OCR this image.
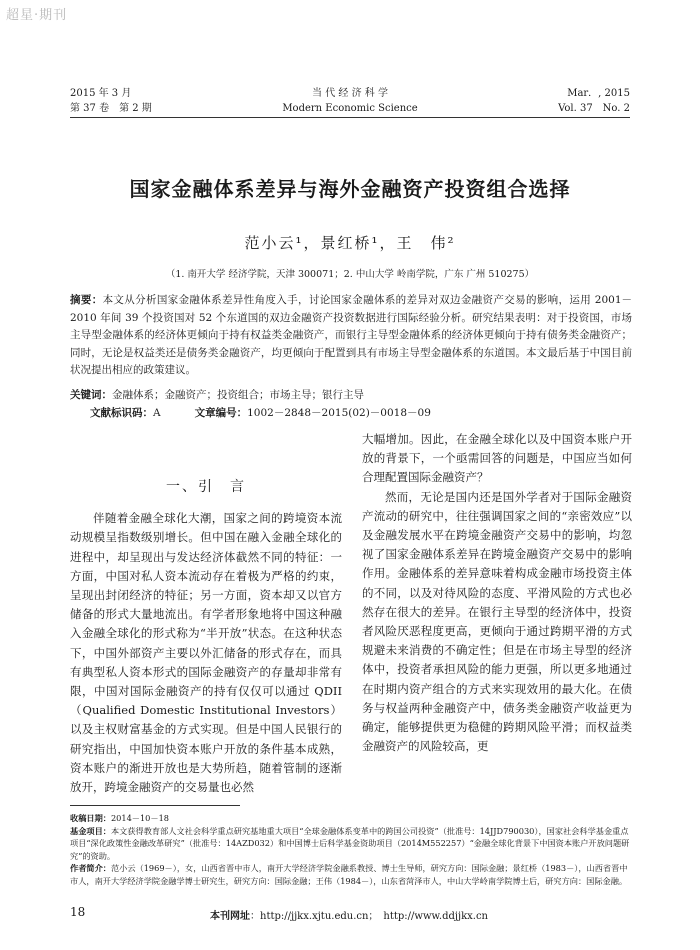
超星·期刊
2015 年 3 月
第 37 卷　第 2 期
当 代 经 济 科 学
Modern Economic Science
Mar．, 2015
Vol. 37　No. 2
国家金融体系差异与海外金融资产投资组合选择
范小云¹，景红桥¹，王　伟²
（1. 南开大学 经济学院，天津 300071；2. 中山大学 岭南学院，广东 广州 510275）
摘要：本文从分析国家金融体系差异性角度入手，讨论国家金融体系的差异对双边金融资产交易的影响，运用 2001－2010 年间 39 个投资国对 52 个东道国的双边金融资产投资数据进行国际经验分析。研究结果表明：对于投资国，市场主导型金融体系的经济体更倾向于持有权益类金融资产，而银行主导型金融体系的经济体更倾向于持有债务类金融资产；同时，无论是权益类还是债务类金融资产，均更倾向于配置到具有市场主导型金融体系的东道国。本文最后基于中国目前状况提出相应的政策建议。
关键词：金融体系；金融资产；投资组合；市场主导；银行主导
文献标识码：A	文章编号：1002－2848－2015(02)－0018－09
一、引　言

伴随着金融全球化大潮，国家之间的跨境资本流动规模呈指数级别增长。但中国在融入金融全球化的进程中，却呈现出与发达经济体截然不同的特征：一方面，中国对私人资本流动存在着极为严格的约束，呈现出封闭经济的特征；另一方面，资本却又以官方储备的形式大量地流出。有学者形象地将中国这种融入金融全球化的形式称为“半开放”状态。在这种状态下，中国外部资产主要以外汇储备的形式存在，而具有典型私人资本形式的国际金融资产的存量却非常有限，中国对国际金融资产的持有仅仅可以通过 QDII（Qualified Domestic Institutional Investors）以及主权财富基金的方式实现。但是中国人民银行的研究指出，中国加快资本账户开放的条件基本成熟，资本账户的渐进开放也是大势所趋，随着管制的逐渐放开，跨境金融资产的交易量也必然

大幅增加。因此，在金融全球化以及中国资本账户开放的背景下，一个亟需回答的问题是，中国应当如何合理配置国际金融资产？

然而，无论是国内还是国外学者对于国际金融资产流动的研究中，往往强调国家之间的“亲密效应”以及金融发展水平在跨境金融资产交易中的影响，均忽视了国家金融体系差异在跨境金融资产交易中的影响作用。金融体系的差异意味着构成金融市场投资主体的不同，以及对待风险的态度、平滑风险的方式也必然存在很大的差异。在银行主导型的经济体中，投资者风险厌恶程度更高，更倾向于通过跨期平滑的方式规避未来消费的不确定性；但是在市场主导型的经济体中，投资者承担风险的能力更强，所以更多地通过在时期内资产组合的方式来实现效用的最大化。在债务与权益两种金融资产中，债务类金融资产收益更为确定，能够提供更为稳健的跨期风险平滑；而权益类金融资产的风险较高，更

收稿日期：2014－10－18
基金项目：本文获得教育部人文社会科学重点研究基地重大项目“全球金融体系变革中的跨国公司投资”（批准号：14JJD790030），国家社会科学基金重点项目“深化政策性金融改革研究”（批准号：14AZD032）和中国博士后科学基金资助项目（2014M552257）“金融全球化背景下中国资本账户开放问题研究”的资助。
作者简介：范小云（1969－），女，山西省晋中市人，南开大学经济学院金融系教授、博士生导师，研究方向：国际金融；景红桥（1983－），山西省晋中市人，南开大学经济学院金融学博士研究生，研究方向：国际金融；王伟（1984－），山东省菏泽市人，中山大学岭南学院博士后，研究方向：国际金融。
18	本刊网址：http://jjkx.xjtu.edu.cn；　http://www.ddjjkx.cn
